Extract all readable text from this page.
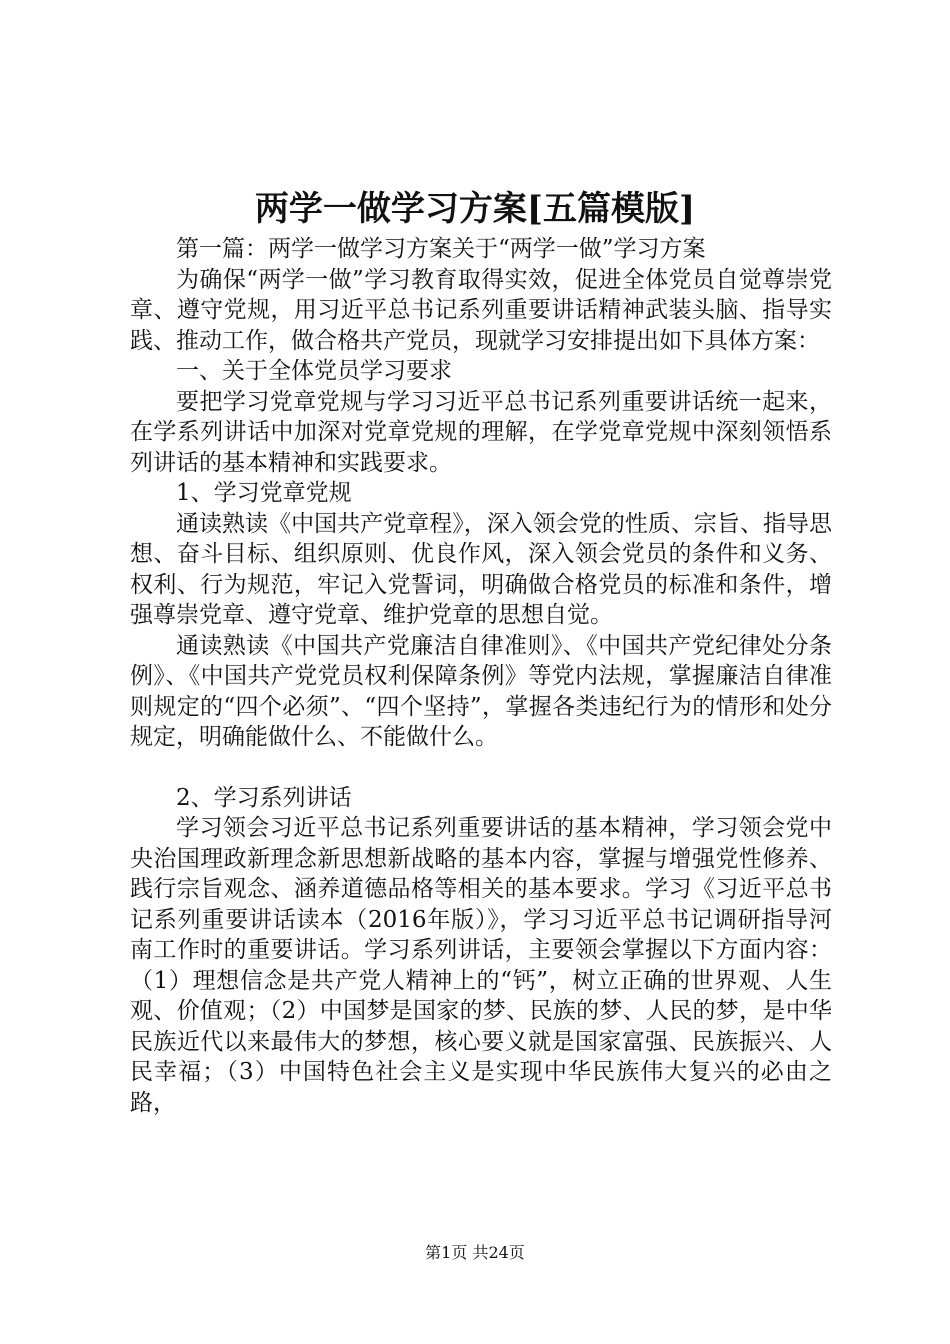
两学一做学习方案[五篇模版]

第一篇：两学一做学习方案关于“两学一做”学习方案

为确保“两学一做”学习教育取得实效，促进全体党员自觉尊崇党章、遵守党规，用习近平总书记系列重要讲话精神武装头脑、指导实践、推动工作，做合格共产党员，现就学习安排提出如下具体方案：

一、关于全体党员学习要求

要把学习党章党规与学习习近平总书记系列重要讲话统一起来，在学系列讲话中加深对党章党规的理解，在学党章党规中深刻领悟系列讲话的基本精神和实践要求。

1、学习党章党规

通读熟读《中国共产党章程》，深入领会党的性质、宗旨、指导思想、奋斗目标、组织原则、优良作风，深入领会党员的条件和义务、权利、行为规范，牢记入党誓词，明确做合格党员的标准和条件，增强尊崇党章、遵守党章、维护党章的思想自觉。

通读熟读《中国共产党廉洁自律准则》、《中国共产党纪律处分条例》、《中国共产党党员权利保障条例》等党内法规，掌握廉洁自律准则规定的“四个必须”、“四个坚持”，掌握各类违纪行为的情形和处分规定，明确能做什么、不能做什么。

2、学习系列讲话

学习领会习近平总书记系列重要讲话的基本精神，学习领会党中央治国理政新理念新思想新战略的基本内容，掌握与增强党性修养、践行宗旨观念、涵养道德品格等相关的基本要求。学习《习近平总书记系列重要讲话读本（2016年版）》，学习习近平总书记调研指导河南工作时的重要讲话。学习系列讲话，主要领会掌握以下方面内容：（1）理想信念是共产党人精神上的“钙”，树立正确的世界观、人生观、价值观；（2）中国梦是国家的梦、民族的梦、人民的梦，是中华民族近代以来最伟大的梦想，核心要义就是国家富强、民族振兴、人民幸福；（3）中国特色社会主义是实现中华民族伟大复兴的必由之路，

第1页 共24页
